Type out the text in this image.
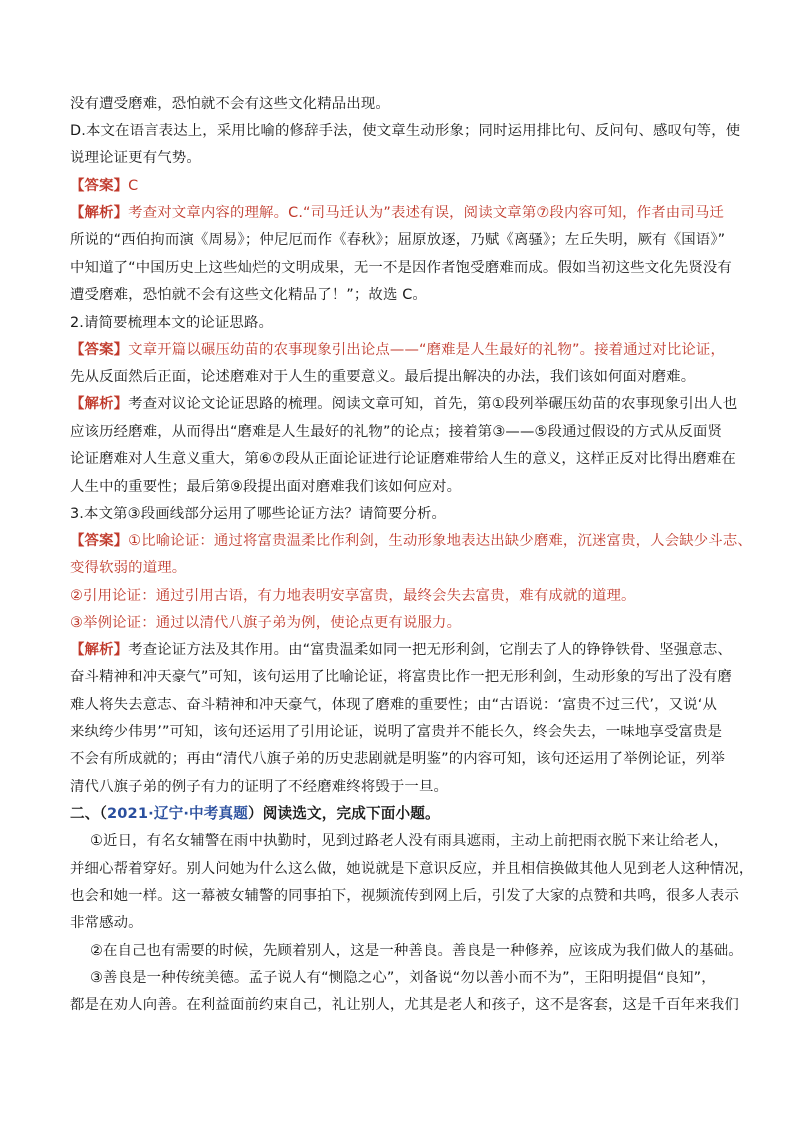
没有遭受磨难，恐怕就不会有这些文化精品出现。
D.本文在语言表达上，采用比喻的修辞手法，使文章生动形象；同时运用排比句、反问句、感叹句等，使
说理论证更有气势。
【答案】C
【解析】考查对文章内容的理解。C.“司马迁认为”表述有误，阅读文章第⑦段内容可知，作者由司马迁
所说的“西伯拘而演《周易》；仲尼厄而作《春秋》；屈原放逐，乃赋《离骚》；左丘失明，厥有《国语》”
中知道了“中国历史上这些灿烂的文明成果，无一不是因作者饱受磨难而成。假如当初这些文化先贤没有
遭受磨难，恐怕就不会有这些文化精品了！”；故选 C。
2.请简要梳理本文的论证思路。
【答案】文章开篇以碾压幼苗的农事现象引出论点——“磨难是人生最好的礼物”。接着通过对比论证，
先从反面然后正面，论述磨难对于人生的重要意义。最后提出解决的办法，我们该如何面对磨难。
【解析】考查对议论文论证思路的梳理。阅读文章可知，首先，第①段列举碾压幼苗的农事现象引出人也
应该历经磨难，从而得出“磨难是人生最好的礼物”的论点；接着第③——⑤段通过假设的方式从反面贤
论证磨难对人生意义重大，第⑥⑦段从正面论证进行论证磨难带给人生的意义，这样正反对比得出磨难在
人生中的重要性；最后第⑨段提出面对磨难我们该如何应对。
3.本文第③段画线部分运用了哪些论证方法？请简要分析。
【答案】①比喻论证：通过将富贵温柔比作利剑，生动形象地表达出缺少磨难，沉迷富贵，人会缺少斗志、
变得软弱的道理。
②引用论证：通过引用古语，有力地表明安享富贵，最终会失去富贵，难有成就的道理。
③举例论证：通过以清代八旗子弟为例，使论点更有说服力。
【解析】考查论证方法及其作用。由“富贵温柔如同一把无形利剑，它削去了人的铮铮铁骨、坚强意志、
奋斗精神和冲天豪气”可知，该句运用了比喻论证，将富贵比作一把无形利剑，生动形象的写出了没有磨
难人将失去意志、奋斗精神和冲天豪气，体现了磨难的重要性；由“古语说：‘富贵不过三代’，又说‘从
来纨绔少伟男’”可知，该句还运用了引用论证，说明了富贵并不能长久，终会失去，一味地享受富贵是
不会有所成就的；再由“清代八旗子弟的历史悲剧就是明鉴”的内容可知，该句还运用了举例论证，列举
清代八旗子弟的例子有力的证明了不经磨难终将毁于一旦。
二、（2021·辽宁·中考真题）阅读选文，完成下面小题。
①近日，有名女辅警在雨中执勤时，见到过路老人没有雨具遮雨，主动上前把雨衣脱下来让给老人，
并细心帮着穿好。别人问她为什么这么做，她说就是下意识反应，并且相信换做其他人见到老人这种情况，
也会和她一样。这一幕被女辅警的同事拍下，视频流传到网上后，引发了大家的点赞和共鸣，很多人表示
非常感动。
②在自己也有需要的时候，先顾着别人，这是一种善良。善良是一种修养，应该成为我们做人的基础。
③善良是一种传统美德。孟子说人有“恻隐之心”，刘备说“勿以善小而不为”，王阳明提倡“良知”，
都是在劝人向善。在利益面前约束自己，礼让别人，尤其是老人和孩子，这不是客套，这是千百年来我们
